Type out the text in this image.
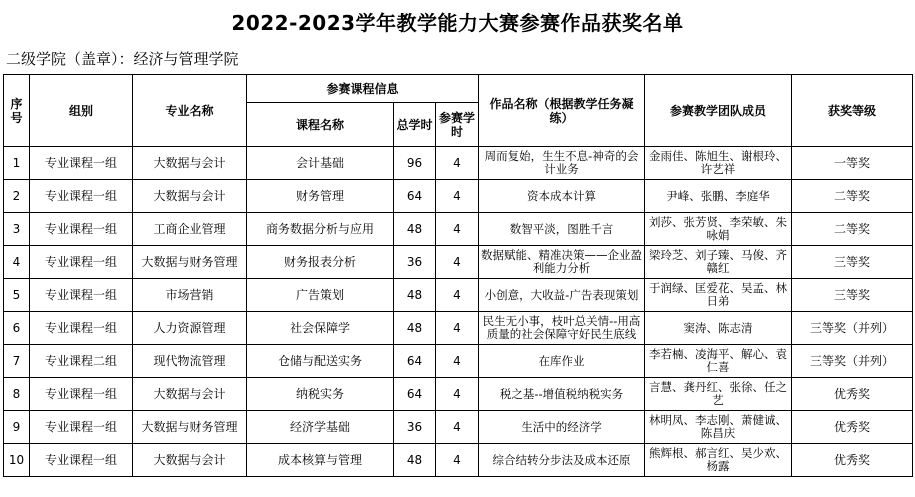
2022-2023学年教学能力大赛参赛作品获奖名单
二级学院（盖章）：经济与管理学院
序号	组别	专业名称	参赛课程信息			作品名称（根据教学任务凝练）	参赛教学团队成员	获奖等级
			课程名称	总学时	参赛学时			
1	专业课程一组	大数据与会计	会计基础	96	4	周而复始，生生不息-神奇的会计业务	金雨佳、陈旭生、谢根玲、许艺祥	一等奖
2	专业课程一组	大数据与会计	财务管理	64	4	资本成本计算	尹峰、张鹏、李庭华	二等奖
3	专业课程一组	工商企业管理	商务数据分析与应用	48	4	数智平淡，图胜千言	刘莎、张芳贤、李荣敏、朱咏娟	二等奖
4	专业课程一组	大数据与财务管理	财务报表分析	36	4	数据赋能、精准决策——企业盈利能力分析	梁玲芝、刘子臻、马俊、齐赣红	三等奖
5	专业课程一组	市场营销	广告策划	48	4	小创意，大收益-广告表现策划	于润绿、匡爱花、吴孟、林日弟	三等奖
6	专业课程一组	人力资源管理	社会保障学	48	4	民生无小事，枝叶总关情--用高质量的社会保障守好民生底线	窦涛、陈志清	三等奖（并列）
7	专业课程二组	现代物流管理	仓储与配送实务	64	4	在库作业	李若楠、凌海平、解心、袁仁喜	三等奖（并列）
8	专业课程一组	大数据与会计	纳税实务	64	4	税之基--增值税纳税实务	言慧、龚丹红、张徐、任之艺	优秀奖
9	专业课程一组	大数据与财务管理	经济学基础	36	4	生活中的经济学	林明凤、李志刚、萧健诚、陈昌庆	优秀奖
10	专业课程一组	大数据与会计	成本核算与管理	48	4	综合结转分步法及成本还原	熊辉根、郝言红、吴少欢、杨露	优秀奖
